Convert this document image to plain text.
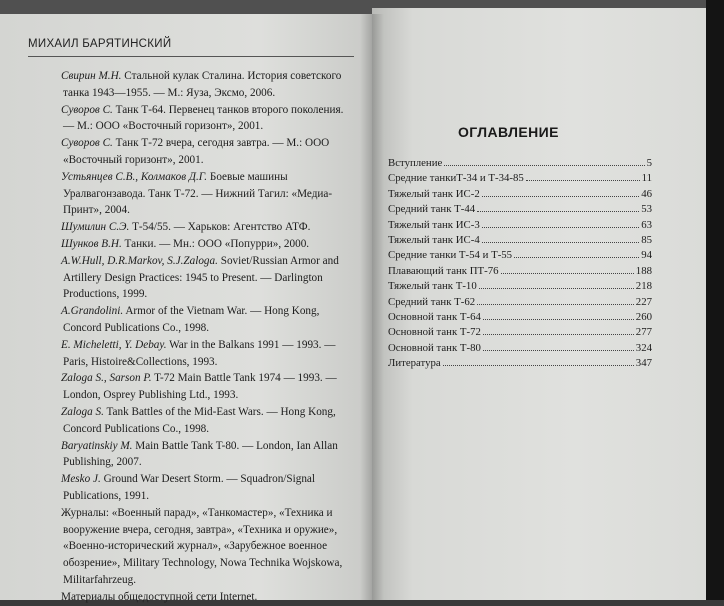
МИХАИЛ БАРЯТИНСКИЙ

Свирин М.Н. Стальной кулак Сталина. История советского танка 1943—1955. — М.: Яуза, Эксмо, 2006.

Суворов С. Танк Т-64. Первенец танков второго поколения. — М.: ООО «Восточный горизонт», 2001.

Суворов С. Танк Т-72 вчера, сегодня завтра. — М.: ООО «Восточный горизонт», 2001.

Устьянцев С.В., Колмаков Д.Г. Боевые машины Уралвагонзавода. Танк Т-72. — Нижний Тагил: «Медиа-Принт», 2004.

Шумилин С.Э. Т-54/55. — Харьков: Агентство АТФ.

Шунков В.Н. Танки. — Мн.: ООО «Попурри», 2000.

A.W.Hull, D.R.Markov, S.J.Zaloga. Soviet/Russian Armor and Artillery Design Practices: 1945 to Present. — Darlington Productions, 1999.

A.Grandolini. Armor of the Vietnam War. — Hong Kong, Concord Publications Co., 1998.

E. Micheletti, Y. Debay. War in the Balkans 1991 — 1993. — Paris, Histoire&Collections, 1993.

Zaloga S., Sarson P. T-72 Main Battle Tank 1974 — 1993. — London, Osprey Publishing Ltd., 1993.

Zaloga S. Tank Battles of the Mid-East Wars. — Hong Kong, Concord Publications Co., 1998.

Baryatinskiy M. Main Battle Tank T-80. — London, Ian Allan Publishing, 2007.

Mesko J. Ground War Desert Storm. — Squadron/Signal Publications, 1991.

Журналы: «Военный парад», «Танкомастер», «Техника и вооружение вчера, сегодня, завтра», «Техника и оружие», «Военно-исторический журнал», «Зарубежное военное обозрение», Military Technology, Nowa Technika Wojskowa, Militarfahrzeug.

Материалы общедоступной сети Internet.

ОГЛАВЛЕНИЕ
Вступление	5
Средние танкиТ-34 и Т-34-85	11
Тяжелый танк ИС-2	46
Средний танк Т-44	53
Тяжелый танк ИС-3	63
Тяжелый танк ИС-4	85
Средние танки Т-54 и Т-55	94
Плавающий танк ПТ-76	188
Тяжелый танк Т-10	218
Средний танк Т-62	227
Основной танк Т-64	260
Основной танк Т-72	277
Основной танк Т-80	324
Литература	347
